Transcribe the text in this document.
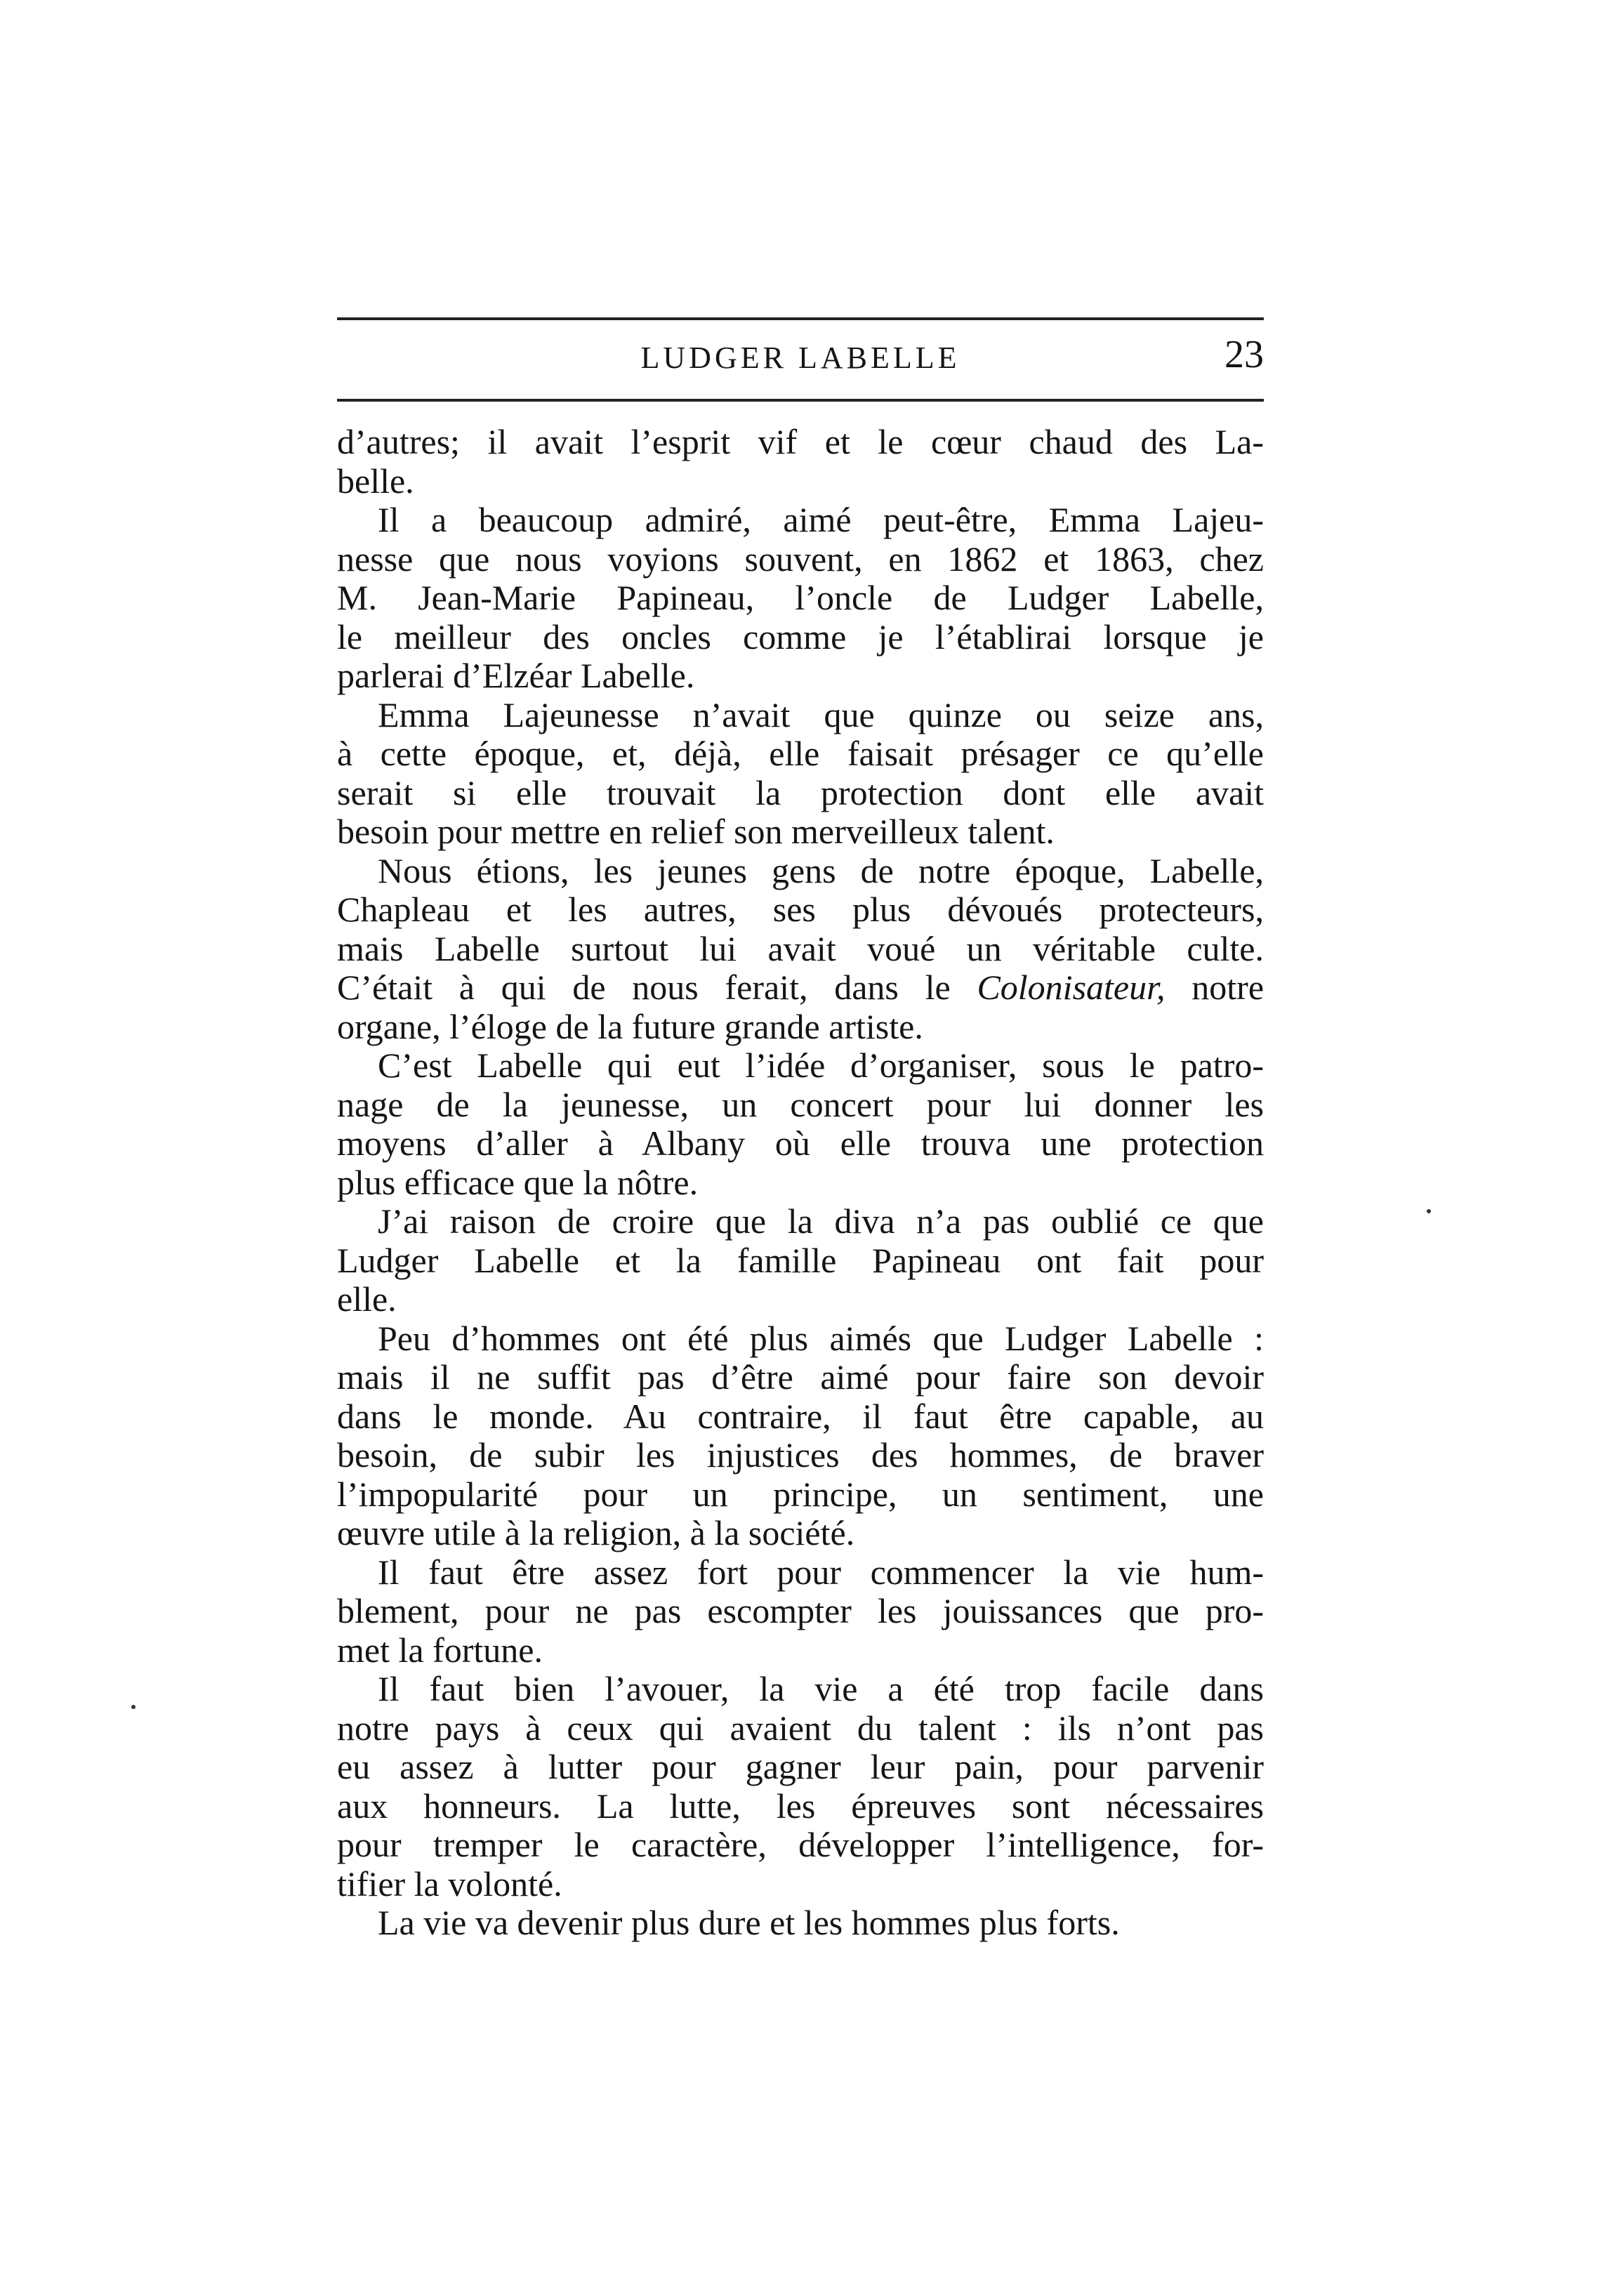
LUDGER LABELLE	23
d’autres; il avait l’esprit vif et le cœur chaud des La-
belle.
Il a beaucoup admiré, aimé peut-être, Emma Lajeu-
nesse que nous voyions souvent, en 1862 et 1863, chez
M. Jean-Marie Papineau, l’oncle de Ludger Labelle,
le meilleur des oncles comme je l’établirai lorsque je
parlerai d’Elzéar Labelle.
Emma Lajeunesse n’avait que quinze ou seize ans,
à cette époque, et, déjà, elle faisait présager ce qu’elle
serait si elle trouvait la protection dont elle avait
besoin pour mettre en relief son merveilleux talent.
Nous étions, les jeunes gens de notre époque, Labelle,
Chapleau et les autres, ses plus dévoués protecteurs,
mais Labelle surtout lui avait voué un véritable culte.
C’était à qui de nous ferait, dans le Colonisateur, notre
organe, l’éloge de la future grande artiste.
C’est Labelle qui eut l’idée d’organiser, sous le patro-
nage de la jeunesse, un concert pour lui donner les
moyens d’aller à Albany où elle trouva une protection
plus efficace que la nôtre.
J’ai raison de croire que la diva n’a pas oublié ce que
Ludger Labelle et la famille Papineau ont fait pour
elle.
Peu d’hommes ont été plus aimés que Ludger Labelle :
mais il ne suffit pas d’être aimé pour faire son devoir
dans le monde. Au contraire, il faut être capable, au
besoin, de subir les injustices des hommes, de braver
l’impopularité pour un principe, un sentiment, une
œuvre utile à la religion, à la société.
Il faut être assez fort pour commencer la vie hum-
blement, pour ne pas escompter les jouissances que pro-
met la fortune.
Il faut bien l’avouer, la vie a été trop facile dans
notre pays à ceux qui avaient du talent : ils n’ont pas
eu assez à lutter pour gagner leur pain, pour parvenir
aux honneurs. La lutte, les épreuves sont nécessaires
pour tremper le caractère, développer l’intelligence, for-
tifier la volonté.
La vie va devenir plus dure et les hommes plus forts.
